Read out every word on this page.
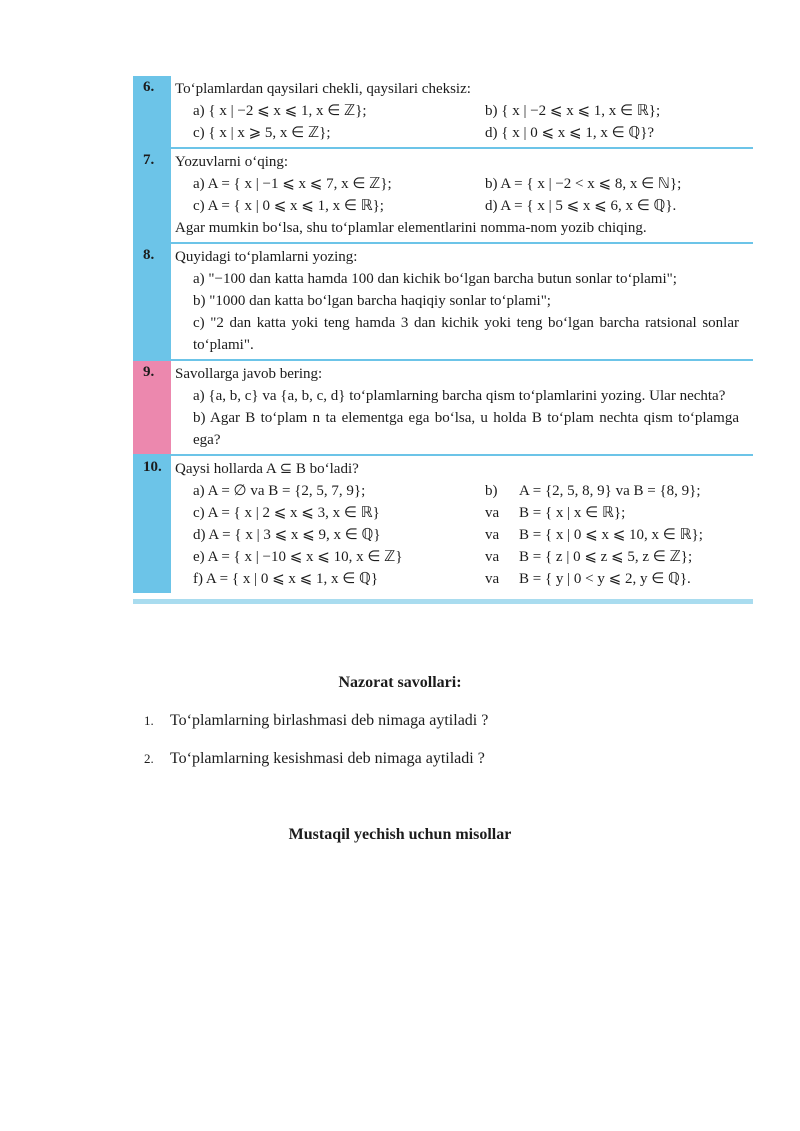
6.	To‘plamlardan qaysilari chekli, qaysilari cheksiz:

a) { x | −2 ⩽ x ⩽ 1, x ∈ ℤ};	b) { x | −2 ⩽ x ⩽ 1, x ∈ ℝ};
c) { x | x ⩾ 5, x ∈ ℤ};	d) { x | 0 ⩽ x ⩽ 1, x ∈ ℚ}?
7.	Yozuvlarni o‘qing:

a) A = { x | −1 ⩽ x ⩽ 7, x ∈ ℤ};	b) A = { x | −2 < x ⩽ 8, x ∈ ℕ};
c) A = { x | 0 ⩽ x ⩽ 1, x ∈ ℝ};	d) A = { x | 5 ⩽ x ⩽ 6, x ∈ ℚ}.
Agar mumkin bo‘lsa, shu to‘plamlar elementlarini nomma-nom yozib chiqing.
8.	Quyidagi to‘plamlarni yozing:

a) "−100 dan katta hamda 100 dan kichik bo‘lgan barcha butun sonlar to‘plami";
b) "1000 dan katta bo‘lgan barcha haqiqiy sonlar to‘plami";
c) "2 dan katta yoki teng hamda 3 dan kichik yoki teng bo‘lgan barcha ratsional sonlar to‘plami".
9.	Savollarga javob bering:

a) {a, b, c} va {a, b, c, d} to‘plamlarning barcha qism to‘plamlarini yozing. Ular nechta?
b) Agar B to‘plam n ta elementga ega bo‘lsa, u holda B to‘plam nechta qism to‘plamga ega?
10. Qaysi hollarda A ⊆ B bo‘ladi?

a) A = ∅ va B = {2, 5, 7, 9};	b)	A = {2, 5, 8, 9} va B = {8, 9};
c) A = { x | 2 ⩽ x ⩽ 3, x ∈ ℝ}	va	B = { x | x ∈ ℝ};
d) A = { x | 3 ⩽ x ⩽ 9, x ∈ ℚ}	va	B = { x | 0 ⩽ x ⩽ 10, x ∈ ℝ};
e) A = { x | −10 ⩽ x ⩽ 10, x ∈ ℤ}	va	B = { z | 0 ⩽ z ⩽ 5, z ∈ ℤ};
f) A = { x | 0 ⩽ x ⩽ 1, x ∈ ℚ}	va	B = { y | 0 < y ⩽ 2, y ∈ ℚ}.
Nazorat savollari:
1.	To‘plamlarning birlashmasi deb nimaga aytiladi ?
2.	To‘plamlarning kesishmasi deb nimaga aytiladi ?
Mustaqil yechish uchun misollar
